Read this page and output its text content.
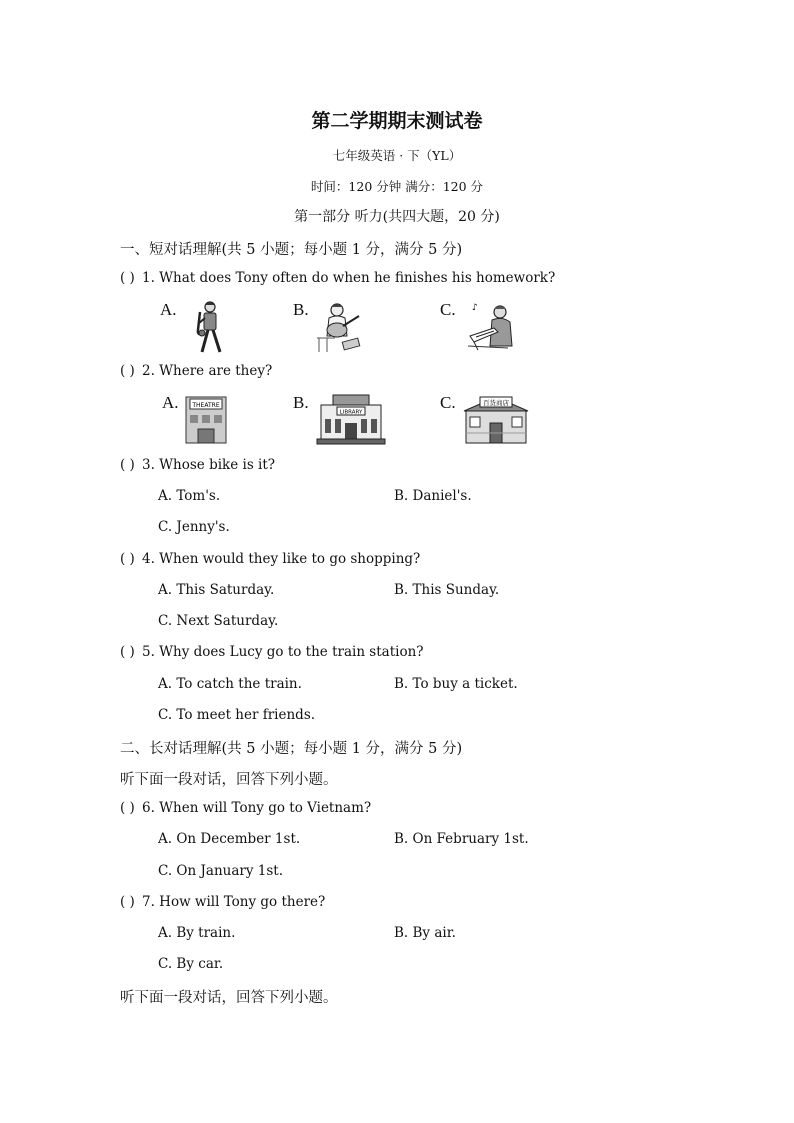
第二学期期末测试卷
七年级英语 · 下（YL）
时间：120 分钟 满分：120 分
第一部分 听力(共四大题，20 分)
一、短对话理解(共 5 小题；每小题 1 分，满分 5 分)
( ) 1. What does Tony often do when he finishes his homework?
A.	B.	C. ♪
( ) 2. Where are they?
A. THEATRE	B.
LIBRARY
C.	百货商店
( ) 3. Whose bike is it?
A. Tom's.	B. Daniel's.
C. Jenny's.
( ) 4. When would they like to go shopping?
A. This Saturday.	B. This Sunday.
C. Next Saturday.
( ) 5. Why does Lucy go to the train station?
A. To catch the train.	B. To buy a ticket.
C. To meet her friends.
二、长对话理解(共 5 小题；每小题 1 分，满分 5 分)
听下面一段对话，回答下列小题。
( ) 6. When will Tony go to Vietnam?
A. On December 1st.	B. On February 1st.
C. On January 1st.
( ) 7. How will Tony go there?
A. By train.	B. By air.
C. By car.
听下面一段对话，回答下列小题。
